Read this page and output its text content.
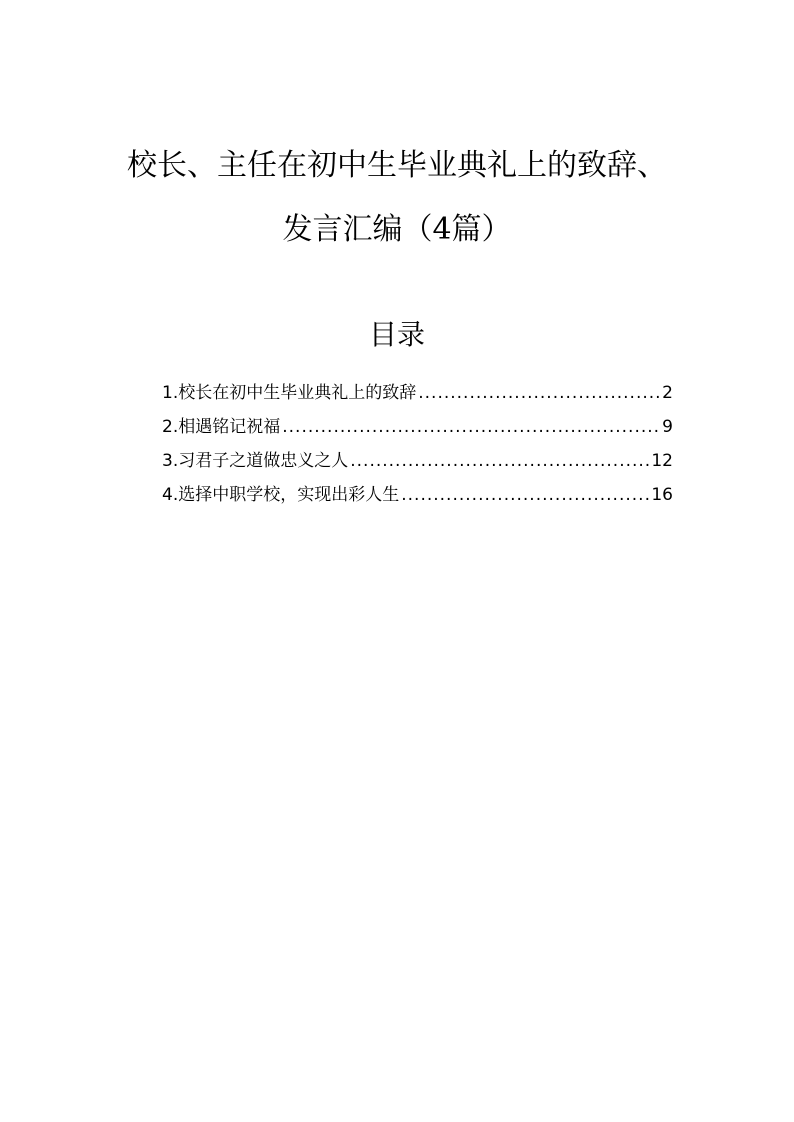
校长、主任在初中生毕业典礼上的致辞、
发言汇编（4篇）
目录
1.校长在初中生毕业典礼上的致辞 .....	2
2.相遇铭记祝福 .....	9
3.习君子之道做忠义之人 .....	12
4.选择中职学校，实现出彩人生 .....	16
